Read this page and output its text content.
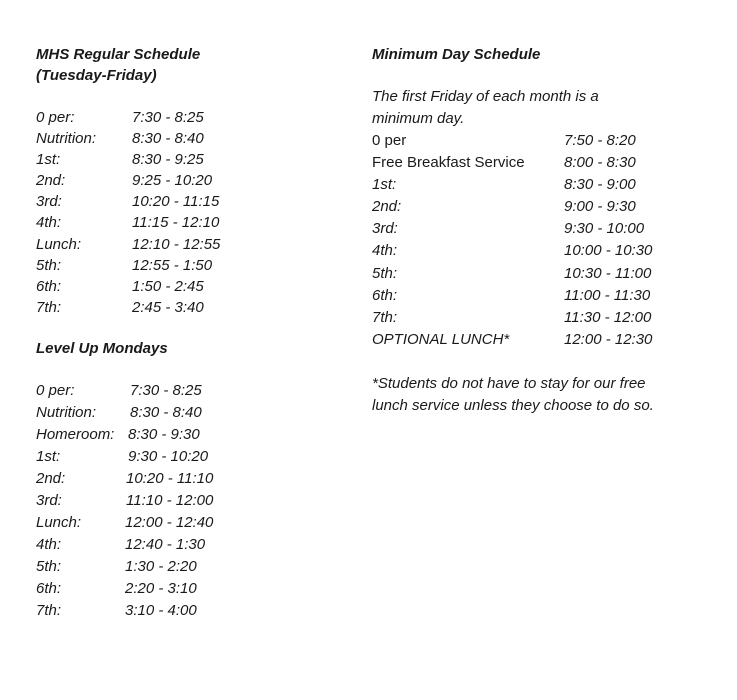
MHS Regular Schedule
(Tuesday-Friday)

0 per:	7:30 - 8:25
Nutrition: 8:30 - 8:40
1st:	8:30 - 9:25
2nd:	9:25 - 10:20
3rd:	10:20 - 11:15
4th:	11:15 - 12:10
Lunch:	12:10 - 12:55
5th:	12:55 - 1:50
6th:	1:50 - 2:45
7th:	2:45 - 3:40

Level Up Mondays

0 per:	7:30 - 8:25
Nutrition: 8:30 - 8:40
Homeroom: 8:30 - 9:30
1st:	9:30 - 10:20
2nd:	10:20 - 11:10
3rd:	11:10 - 12:00
Lunch:	12:00 - 12:40
4th:	12:40 - 1:30
5th:	1:30 - 2:20
6th:	2:20 - 3:10
7th:	3:10 - 4:00

Minimum Day Schedule

The first Friday of each month is a minimum day.

0 per	7:50 - 8:20
Free Breakfast Service	8:00 - 8:30
1st:	8:30 - 9:00
2nd:	9:00 - 9:30
3rd:	9:30 - 10:00
4th:	10:00 - 10:30
5th:	10:30 - 11:00
6th:	11:00 - 11:30
7th:	11:30 - 12:00
OPTIONAL LUNCH*	12:00 - 12:30

*Students do not have to stay for our free lunch service unless they choose to do so.
